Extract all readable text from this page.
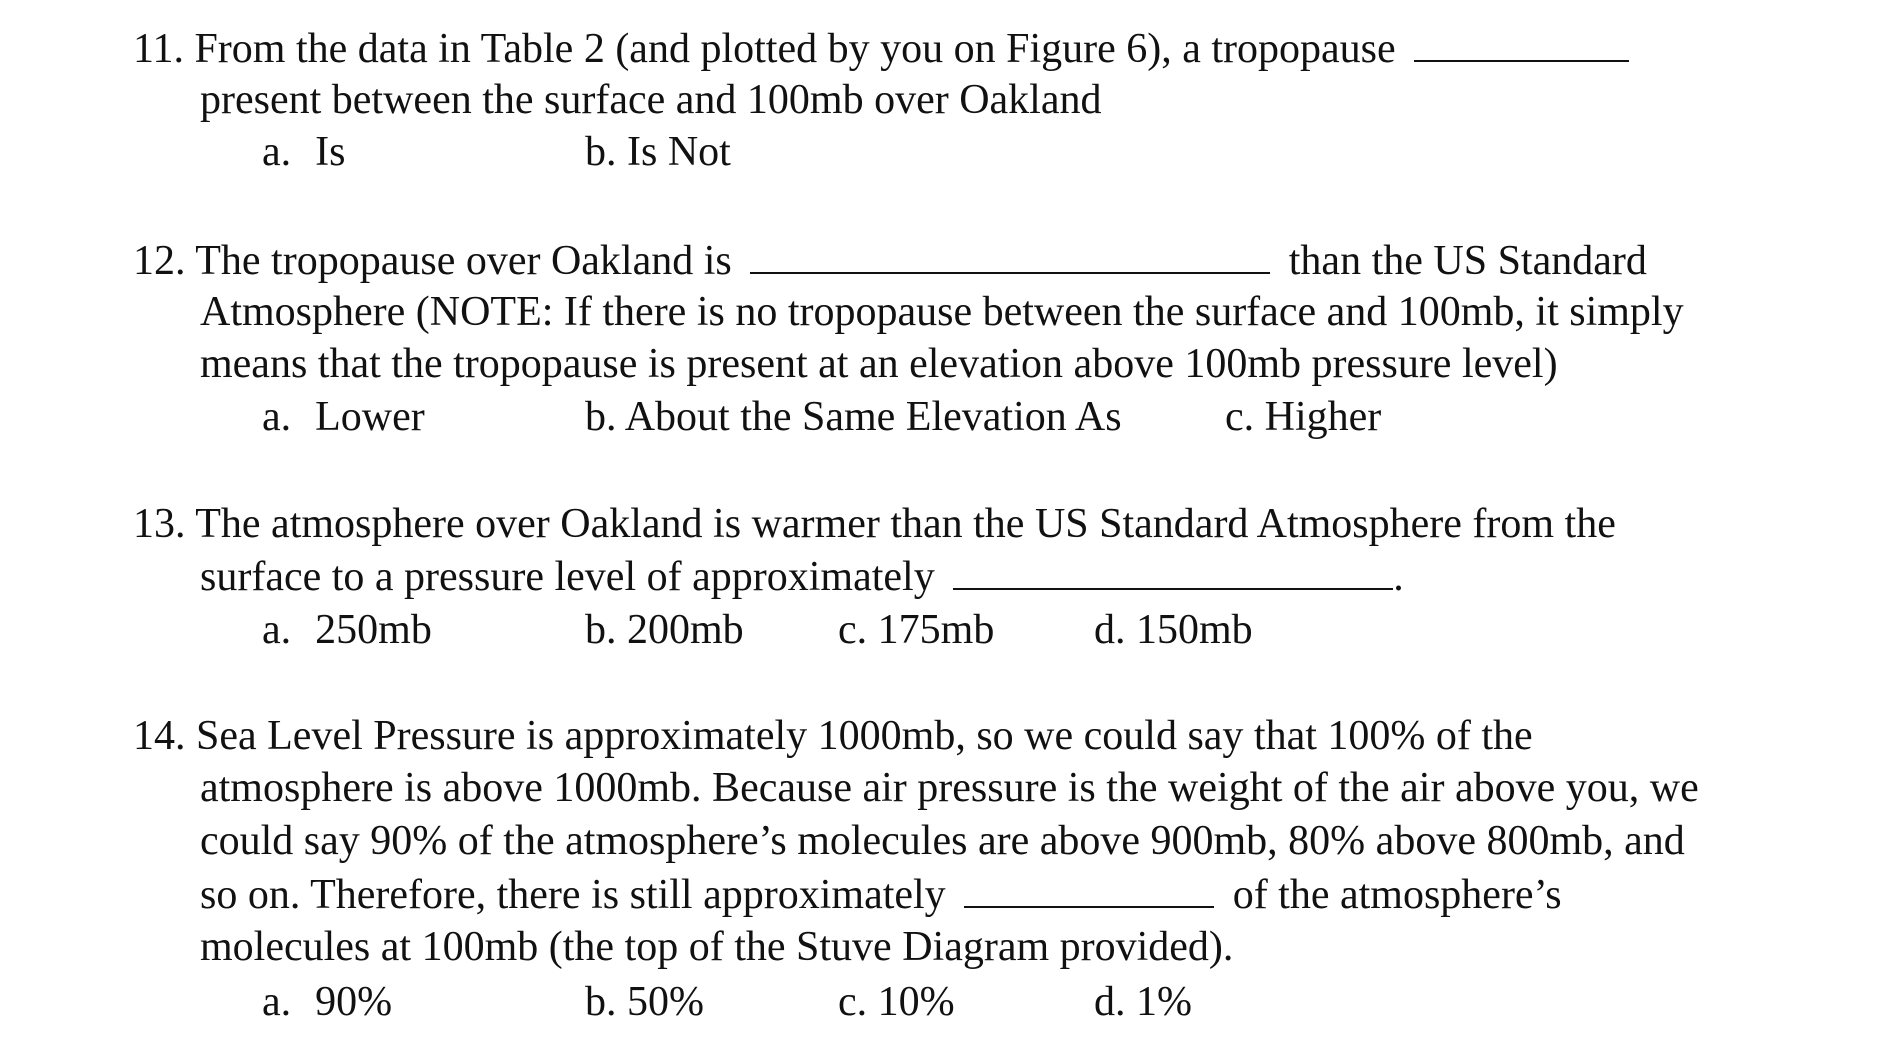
11. From the data in Table 2 (and plotted by you on Figure 6), a tropopause
present between the surface and 100mb over Oakland
a. Is	b. Is Not
12. The tropopause over Oakland is	than the US Standard
Atmosphere (NOTE: If there is no tropopause between the surface and 100mb, it simply
means that the tropopause is present at an elevation above 100mb pressure level)
a. Lower	b. About the Same Elevation As c. Higher
13. The atmosphere over Oakland is warmer than the US Standard Atmosphere from the
surface to a pressure level of approximately	.
a. 250mb	b. 200mb c. 175mb d. 150mb
14. Sea Level Pressure is approximately 1000mb, so we could say that 100% of the
atmosphere is above 1000mb. Because air pressure is the weight of the air above you, we
could say 90% of the atmosphere’s molecules are above 900mb, 80% above 800mb, and
so on. Therefore, there is still approximately	of the atmosphere’s
molecules at 100mb (the top of the Stuve Diagram provided).
a. 90%	b. 50%	c. 10%	d. 1%
